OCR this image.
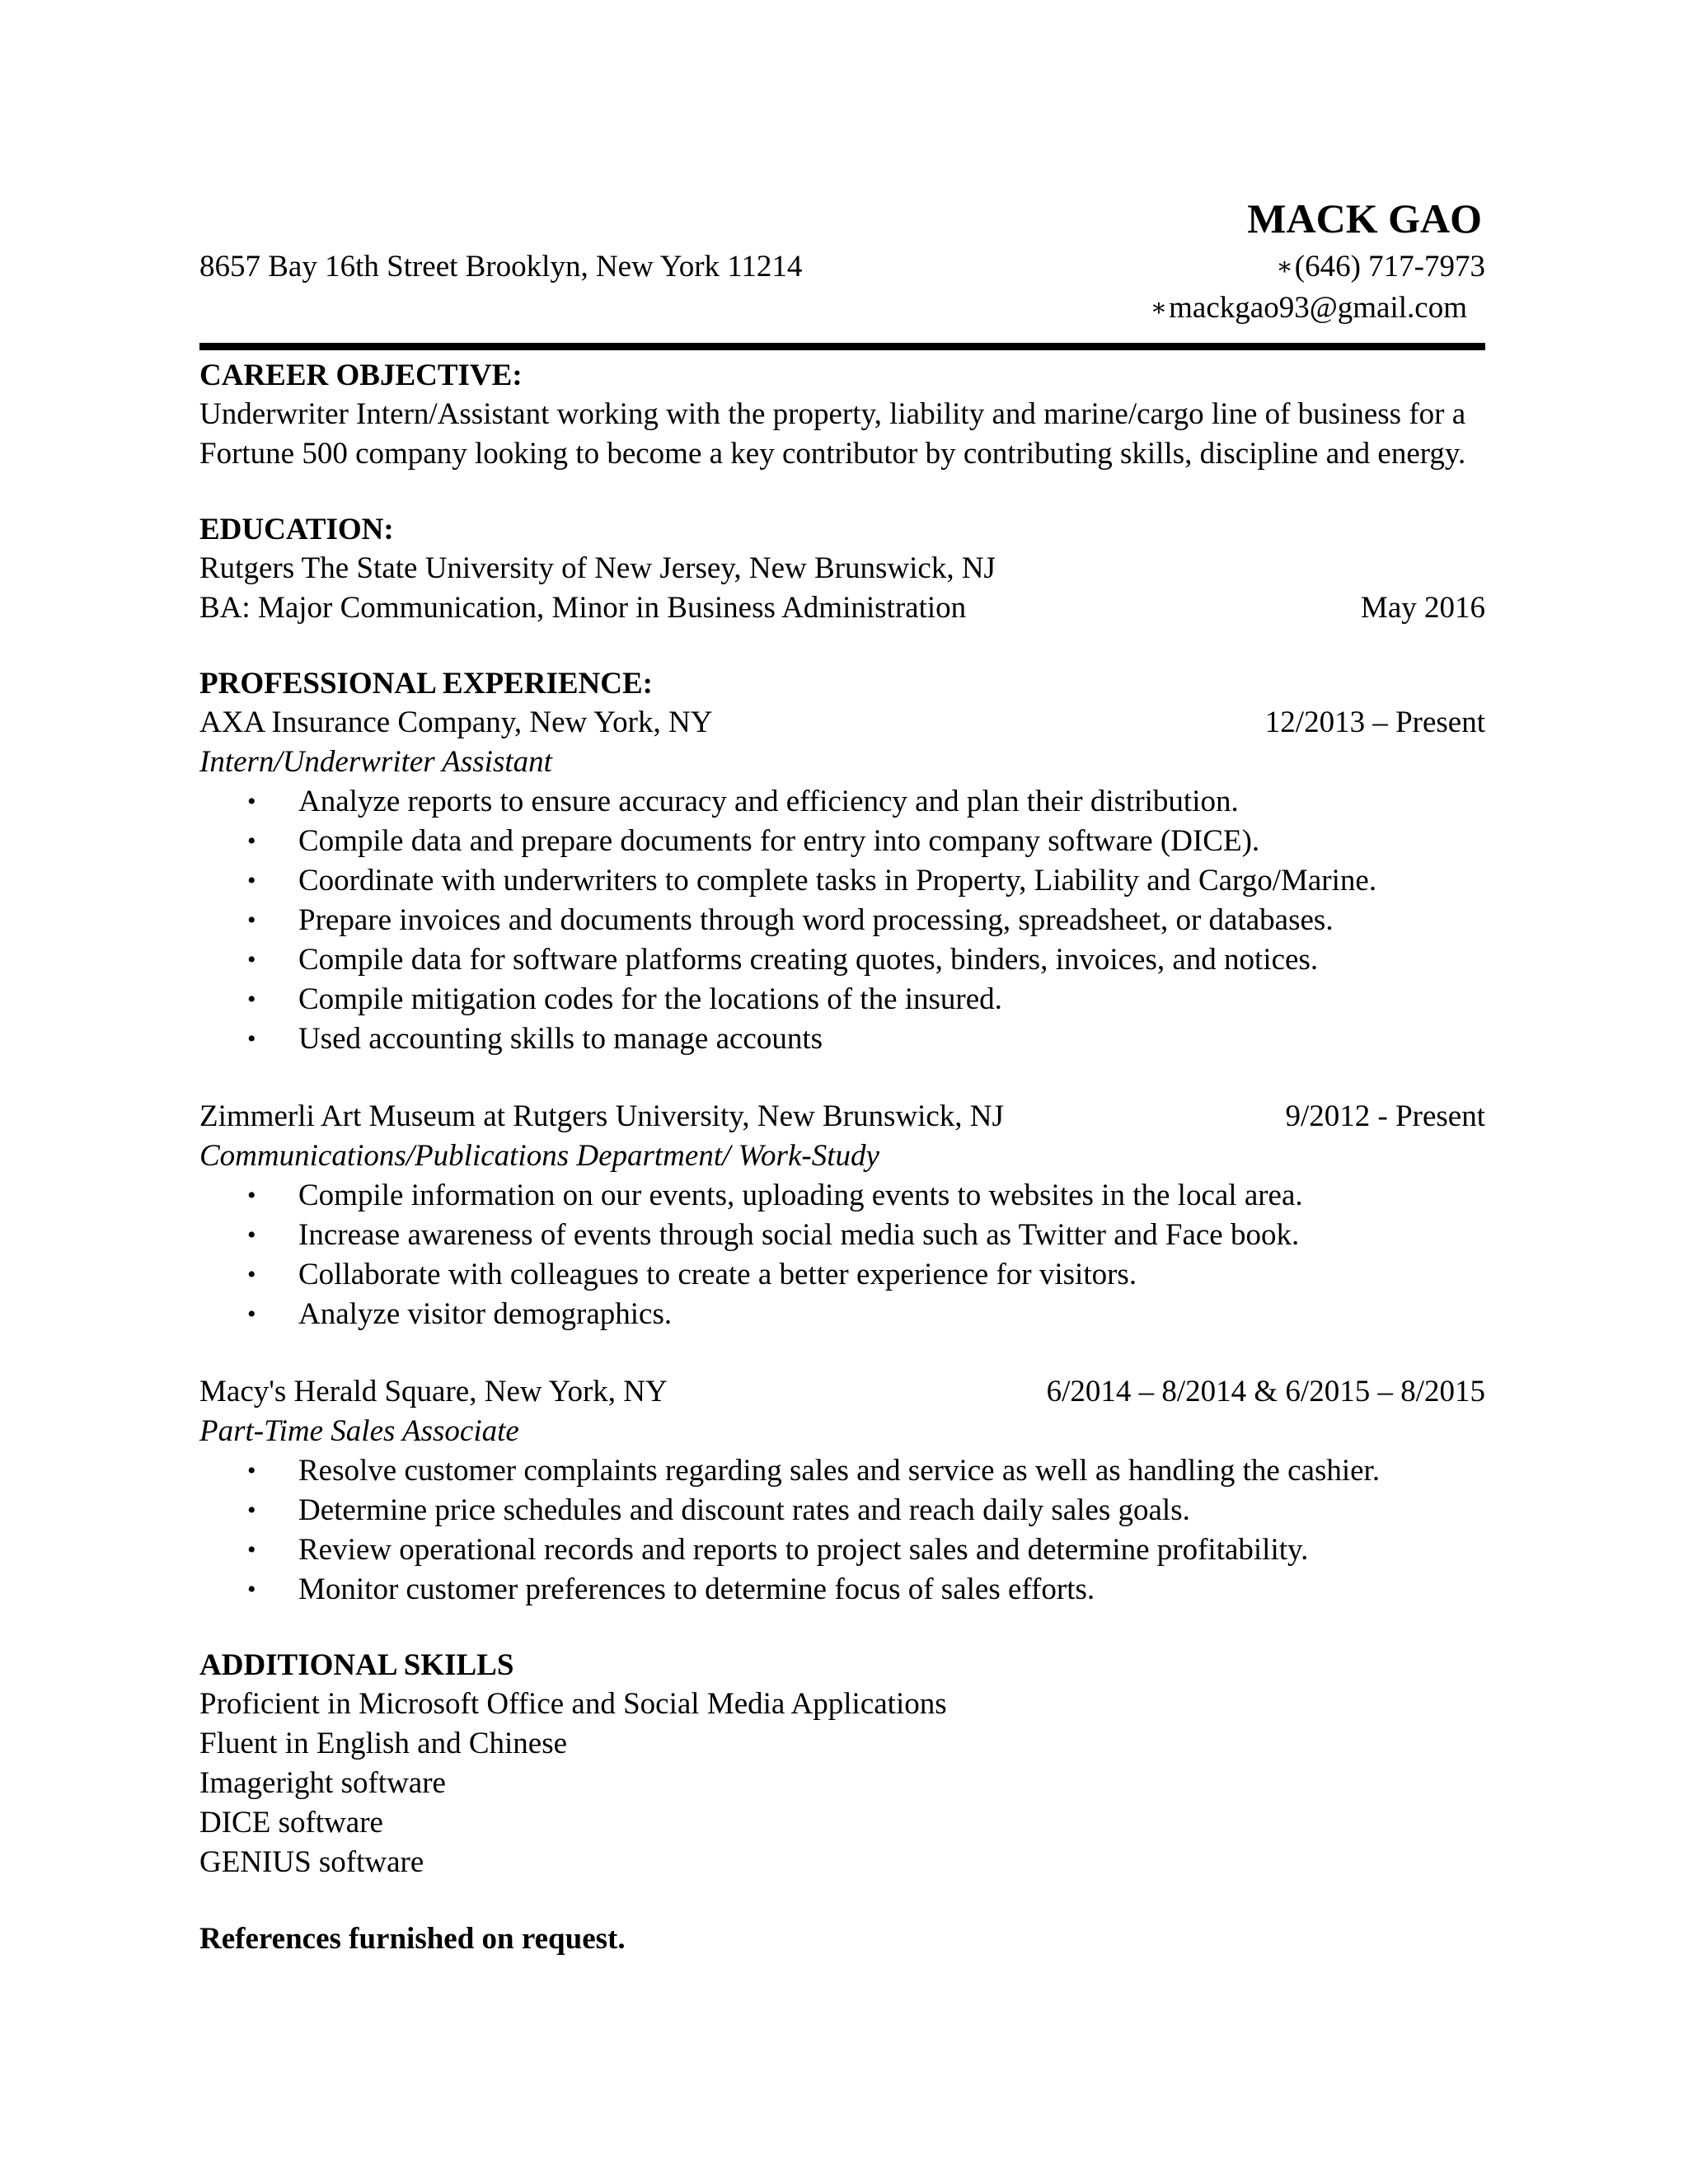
MACK GAO
8657 Bay 16th Street Brooklyn, New York 11214	∗(646) 717-7973
∗mackgao93@gmail.com
CAREER OBJECTIVE:

Underwriter Intern/Assistant working with the property, liability and marine/cargo line of business for a Fortune 500 company looking to become a key contributor by contributing skills, discipline and energy.

EDUCATION:
Rutgers The State University of New Jersey, New Brunswick, NJ
BA: Major Communication, Minor in Business Administration	May 2016
PROFESSIONAL EXPERIENCE:
AXA Insurance Company, New York, NY	12/2013 – Present
Intern/Underwriter Assistant
• Analyze reports to ensure accuracy and efficiency and plan their distribution.
• Compile data and prepare documents for entry into company software (DICE).
• Coordinate with underwriters to complete tasks in Property, Liability and Cargo/Marine.
• Prepare invoices and documents through word processing, spreadsheet, or databases.
• Compile data for software platforms creating quotes, binders, invoices, and notices.
• Compile mitigation codes for the locations of the insured.
• Used accounting skills to manage accounts
Zimmerli Art Museum at Rutgers University, New Brunswick, NJ	9/2012 - Present
Communications/Publications Department/ Work-Study
• Compile information on our events, uploading events to websites in the local area.
• Increase awareness of events through social media such as Twitter and Face book.
• Collaborate with colleagues to create a better experience for visitors.
• Analyze visitor demographics.
Macy's Herald Square, New York, NY	6/2014 – 8/2014 & 6/2015 – 8/2015
Part-Time Sales Associate
• Resolve customer complaints regarding sales and service as well as handling the cashier.
• Determine price schedules and discount rates and reach daily sales goals.
• Review operational records and reports to project sales and determine profitability.
• Monitor customer preferences to determine focus of sales efforts.
ADDITIONAL SKILLS
Proficient in Microsoft Office and Social Media Applications
Fluent in English and Chinese
Imageright software
DICE software
GENIUS software
References furnished on request.
